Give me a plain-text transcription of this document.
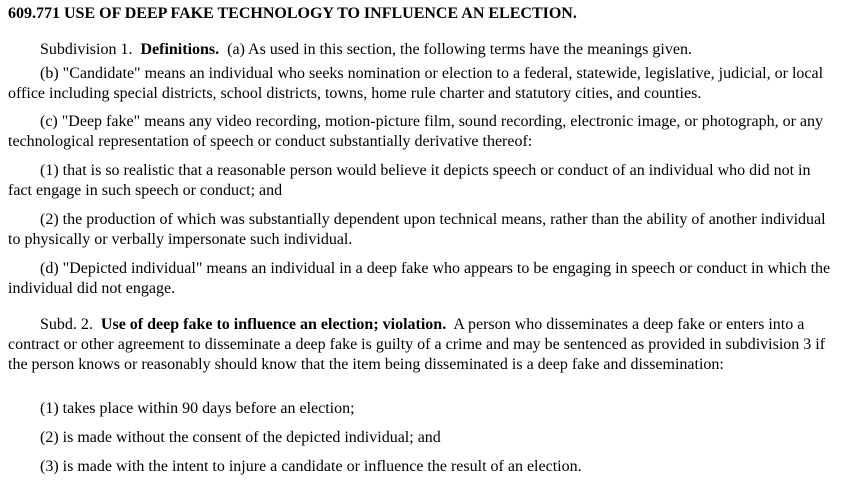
609.771 USE OF DEEP FAKE TECHNOLOGY TO INFLUENCE AN ELECTION.

Subdivision 1. Definitions. (a) As used in this section, the following terms have the meanings given.

(b) "Candidate" means an individual who seeks nomination or election to a federal, statewide, legislative, judicial, or local office including special districts, school districts, towns, home rule charter and statutory cities, and counties.

(c) "Deep fake" means any video recording, motion-picture film, sound recording, electronic image, or photograph, or any technological representation of speech or conduct substantially derivative thereof:

(1) that is so realistic that a reasonable person would believe it depicts speech or conduct of an individual who did not in fact engage in such speech or conduct; and

(2) the production of which was substantially dependent upon technical means, rather than the ability of another individual to physically or verbally impersonate such individual.

(d) "Depicted individual" means an individual in a deep fake who appears to be engaging in speech or conduct in which the individual did not engage.

Subd. 2. Use of deep fake to influence an election; violation. A person who disseminates a deep fake or enters into a contract or other agreement to disseminate a deep fake is guilty of a crime and may be sentenced as provided in subdivision 3 if the person knows or reasonably should know that the item being disseminated is a deep fake and dissemination:

(1) takes place within 90 days before an election;
(2) is made without the consent of the depicted individual; and
(3) is made with the intent to injure a candidate or influence the result of an election.
